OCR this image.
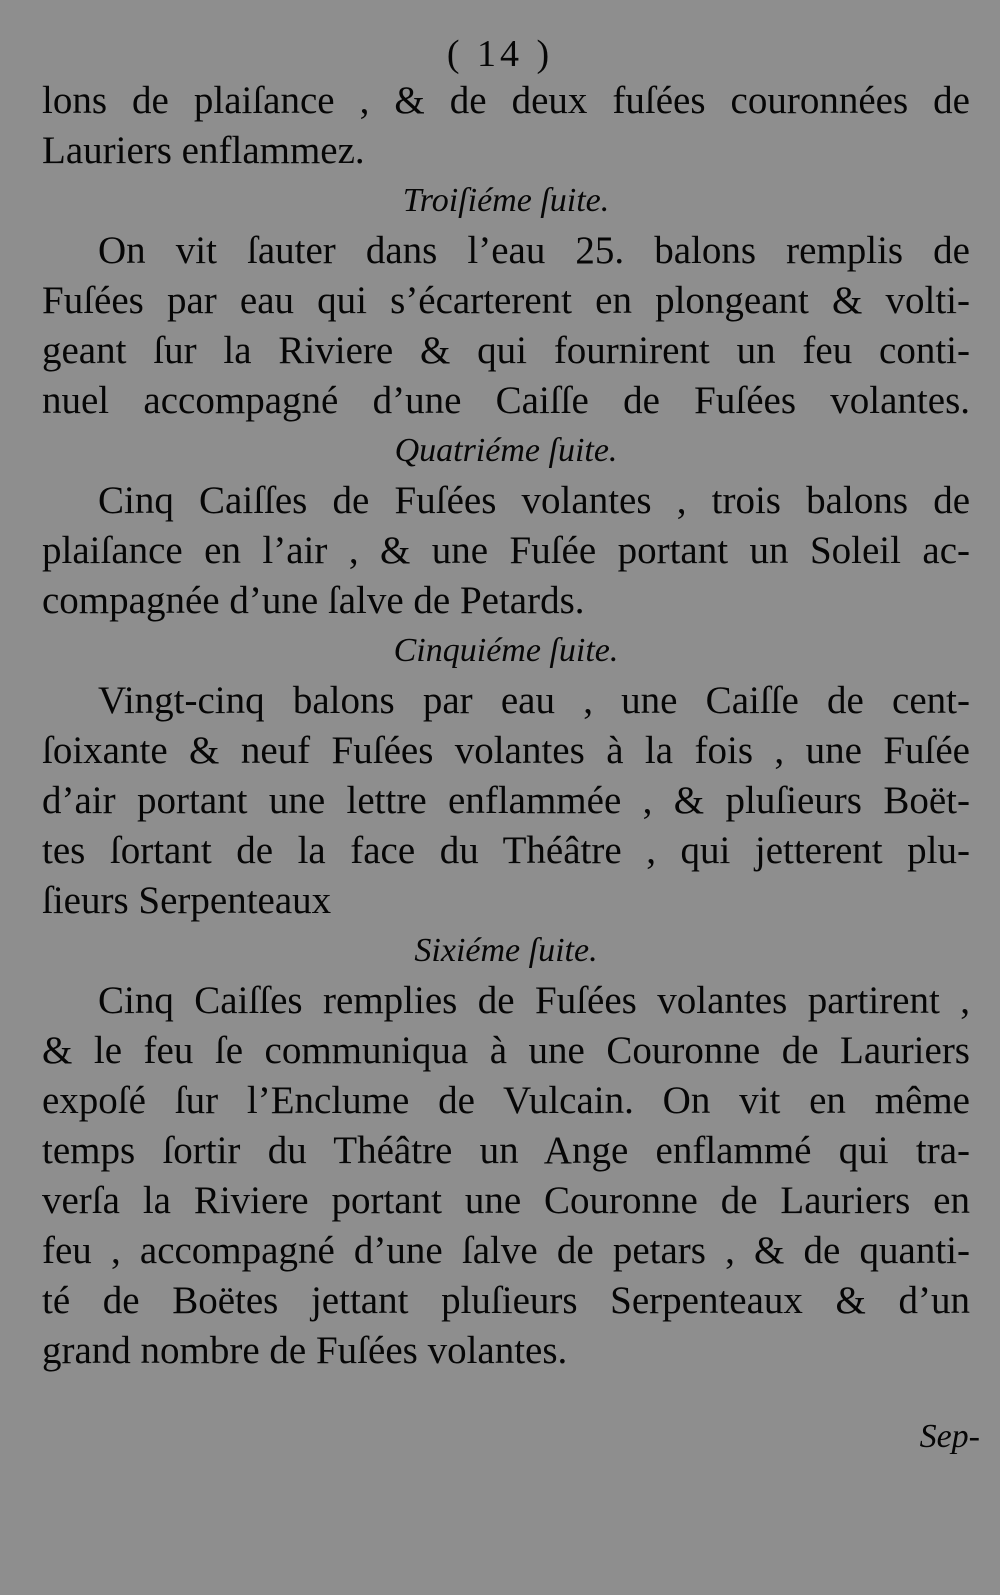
( 14 )
lons de plaiſance , & de deux fuſées couronnées de
Lauriers enflammez.
Troiſiéme ſuite.
On vit ſauter dans l’eau 25. balons remplis de
Fuſées par eau qui s’écarterent en plongeant & volti-
geant ſur la Riviere & qui fournirent un feu conti-
nuel accompagné d’une Caiſſe de Fuſées volantes.
Quatriéme ſuite.
Cinq Caiſſes de Fuſées volantes , trois balons de
plaiſance en l’air , & une Fuſée portant un Soleil ac-
compagnée d’une ſalve de Petards.
Cinquiéme ſuite.
Vingt-cinq balons par eau , une Caiſſe de cent-
ſoixante & neuf Fuſées volantes à la fois , une Fuſée
d’air portant une lettre enflammée , & pluſieurs Boët-
tes ſortant de la face du Théâtre , qui jetterent plu-
ſieurs Serpenteaux
Sixiéme ſuite.
Cinq Caiſſes remplies de Fuſées volantes partirent ,
& le feu ſe communiqua à une Couronne de Lauriers
expoſé ſur l’Enclume de Vulcain. On vit en même
temps ſortir du Théâtre un Ange enflammé qui tra-
verſa la Riviere portant une Couronne de Lauriers en
feu , accompagné d’une ſalve de petars , & de quanti-
té de Boëtes jettant pluſieurs Serpenteaux & d’un
grand nombre de Fuſées volantes.
Sep-
